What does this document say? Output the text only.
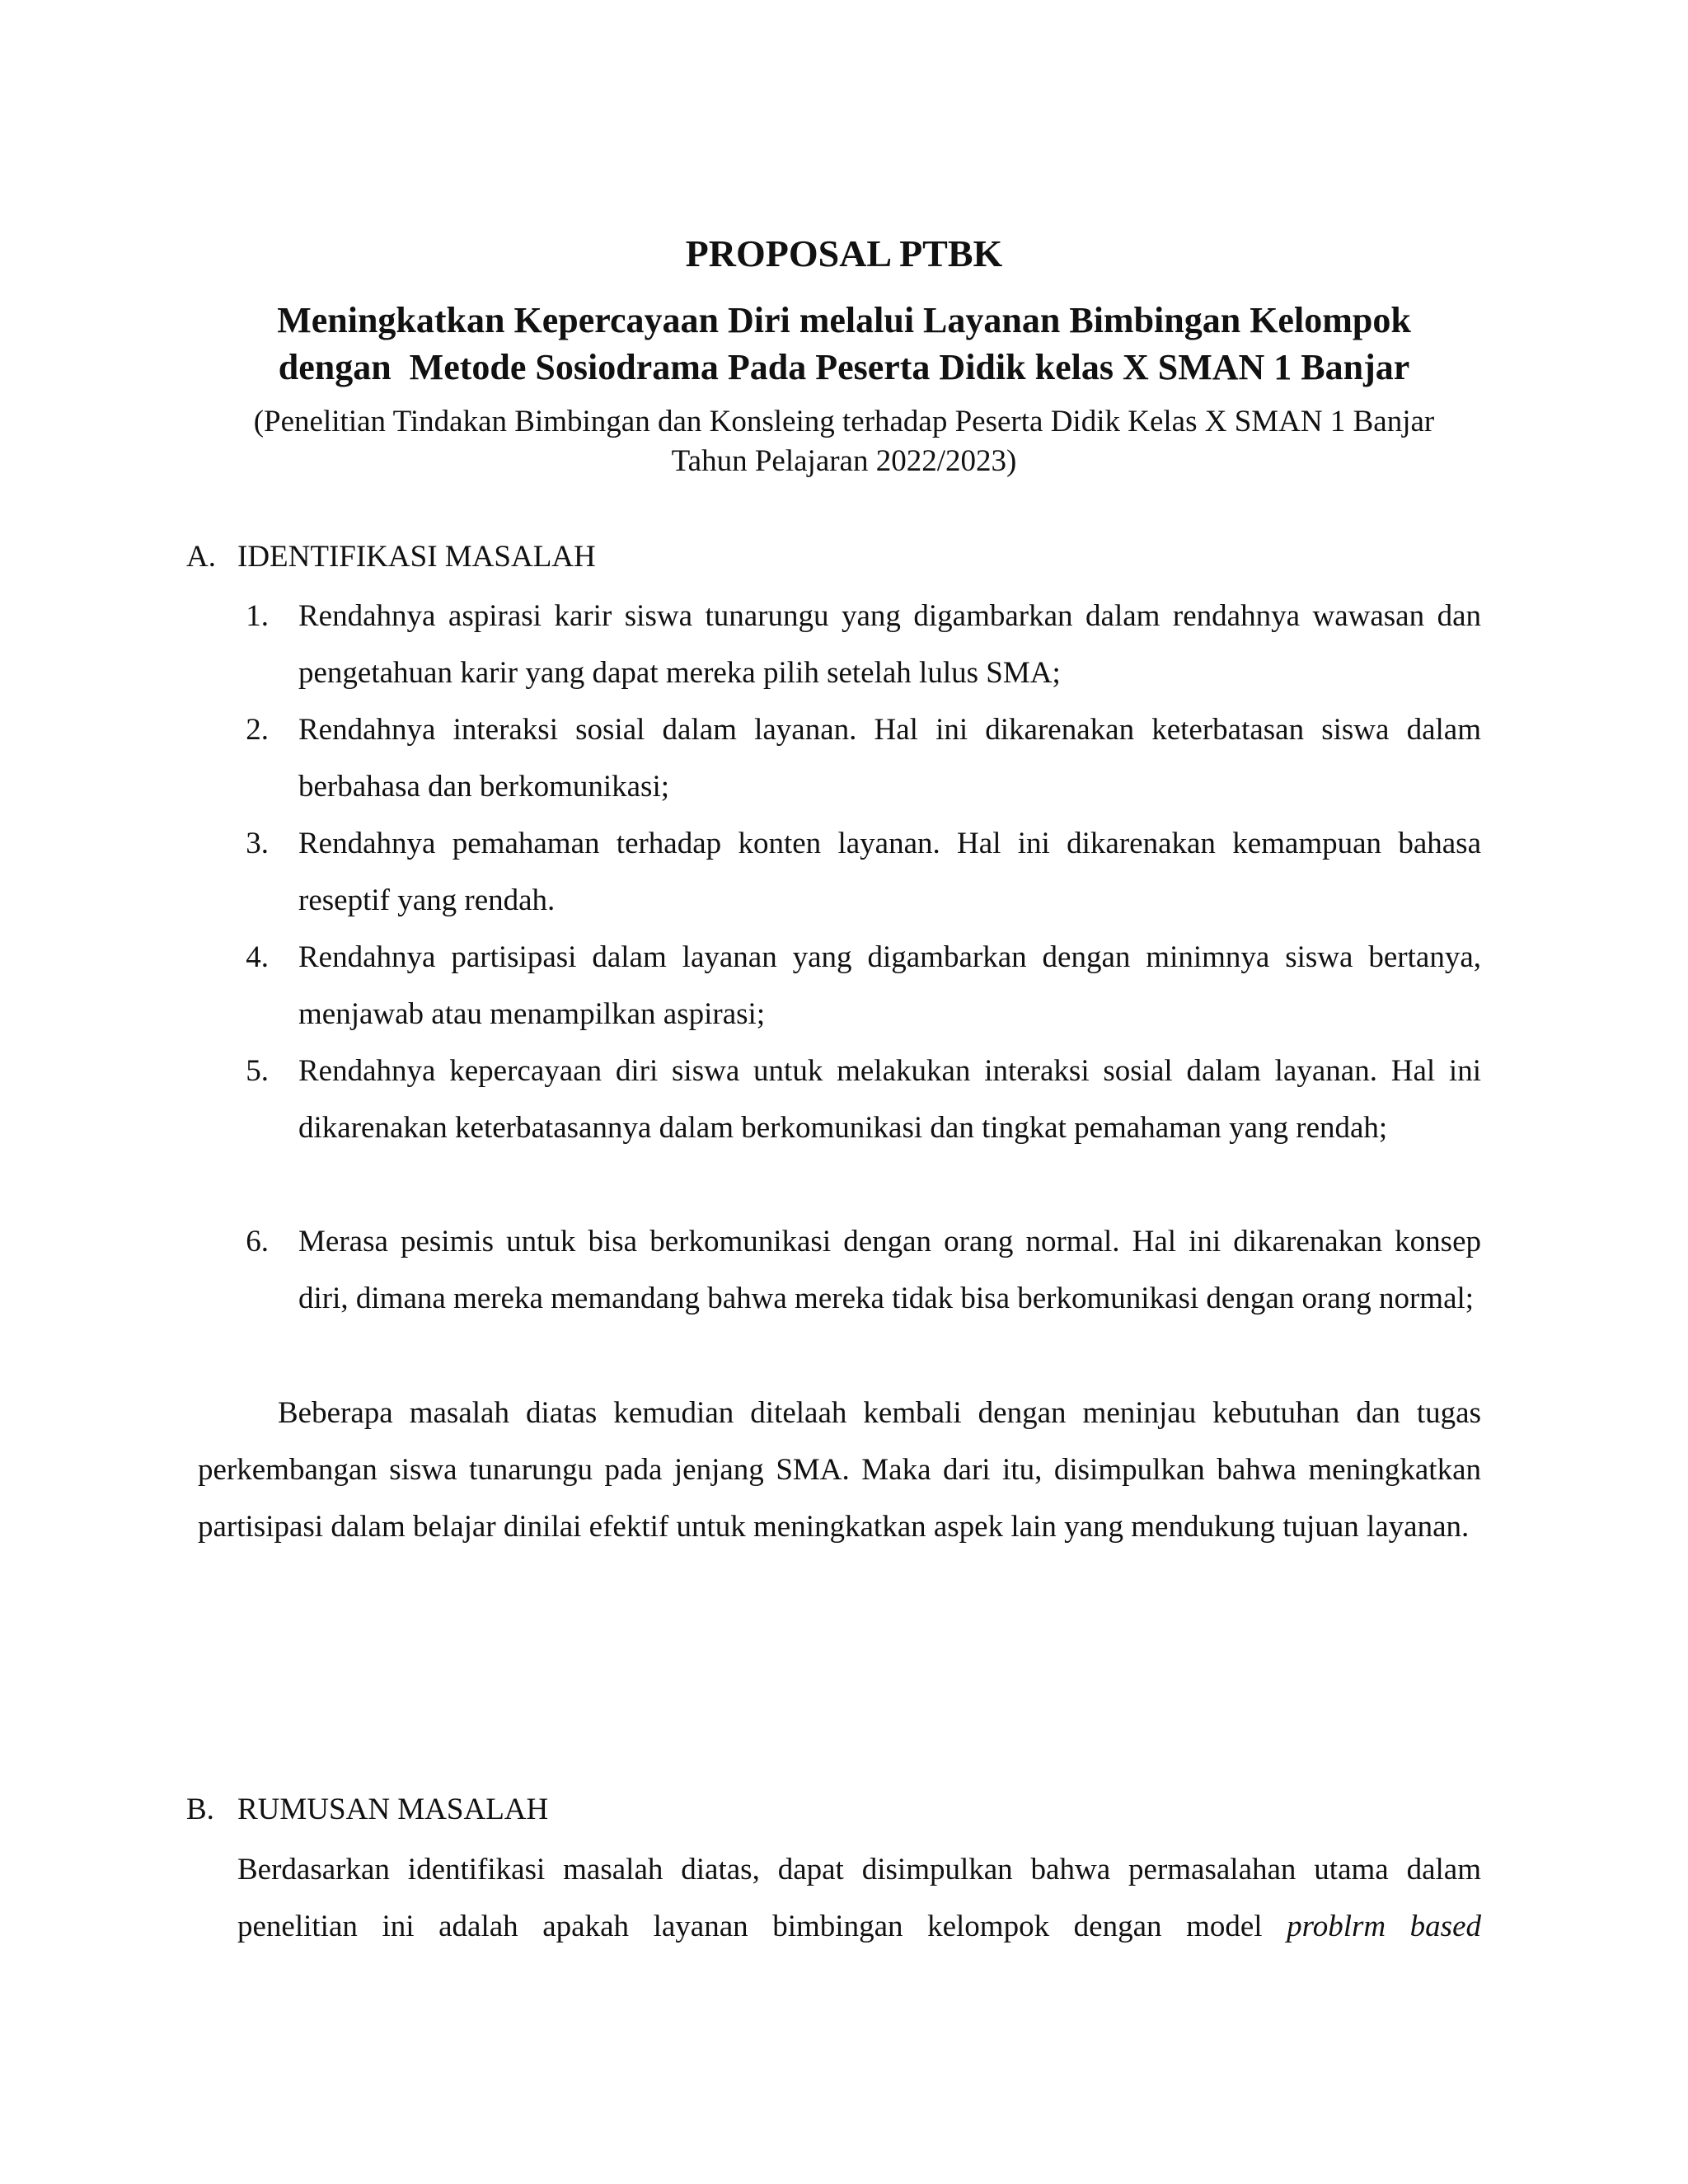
PROPOSAL PTBK
Meningkatkan Kepercayaan Diri melalui Layanan Bimbingan Kelompok
dengan  Metode Sosiodrama Pada Peserta Didik kelas X SMAN 1 Banjar

(Penelitian Tindakan Bimbingan dan Konsleing terhadap Peserta Didik Kelas X SMAN 1 Banjar
Tahun Pelajaran 2022/2023)

A. IDENTIFIKASI MASALAH
1. Rendahnya aspirasi karir siswa tunarungu yang digambarkan dalam rendahnya wawasan dan pengetahuan karir yang dapat mereka pilih setelah lulus SMA;
2. Rendahnya interaksi sosial dalam layanan. Hal ini dikarenakan keterbatasan siswa dalam berbahasa dan berkomunikasi;
3. Rendahnya pemahaman terhadap konten layanan. Hal ini dikarenakan kemampuan bahasa reseptif yang rendah.
4. Rendahnya partisipasi dalam layanan yang digambarkan dengan minimnya siswa bertanya, menjawab atau menampilkan aspirasi;
5. Rendahnya kepercayaan diri siswa untuk melakukan interaksi sosial dalam layanan. Hal ini dikarenakan keterbatasannya dalam berkomunikasi dan tingkat pemahaman yang rendah;
6. Merasa pesimis untuk bisa berkomunikasi dengan orang normal. Hal ini dikarenakan konsep diri, dimana mereka memandang bahwa mereka tidak bisa berkomunikasi dengan orang normal;

Beberapa masalah diatas kemudian ditelaah kembali dengan meninjau kebutuhan dan tugas perkembangan siswa tunarungu pada jenjang SMA. Maka dari itu, disimpulkan bahwa meningkatkan partisipasi dalam belajar dinilai efektif untuk meningkatkan aspek lain yang mendukung tujuan layanan.

B. RUMUSAN MASALAH

Berdasarkan identifikasi masalah diatas, dapat disimpulkan bahwa permasalahan utama dalam penelitian ini adalah apakah layanan bimbingan kelompok dengan model problrm based
